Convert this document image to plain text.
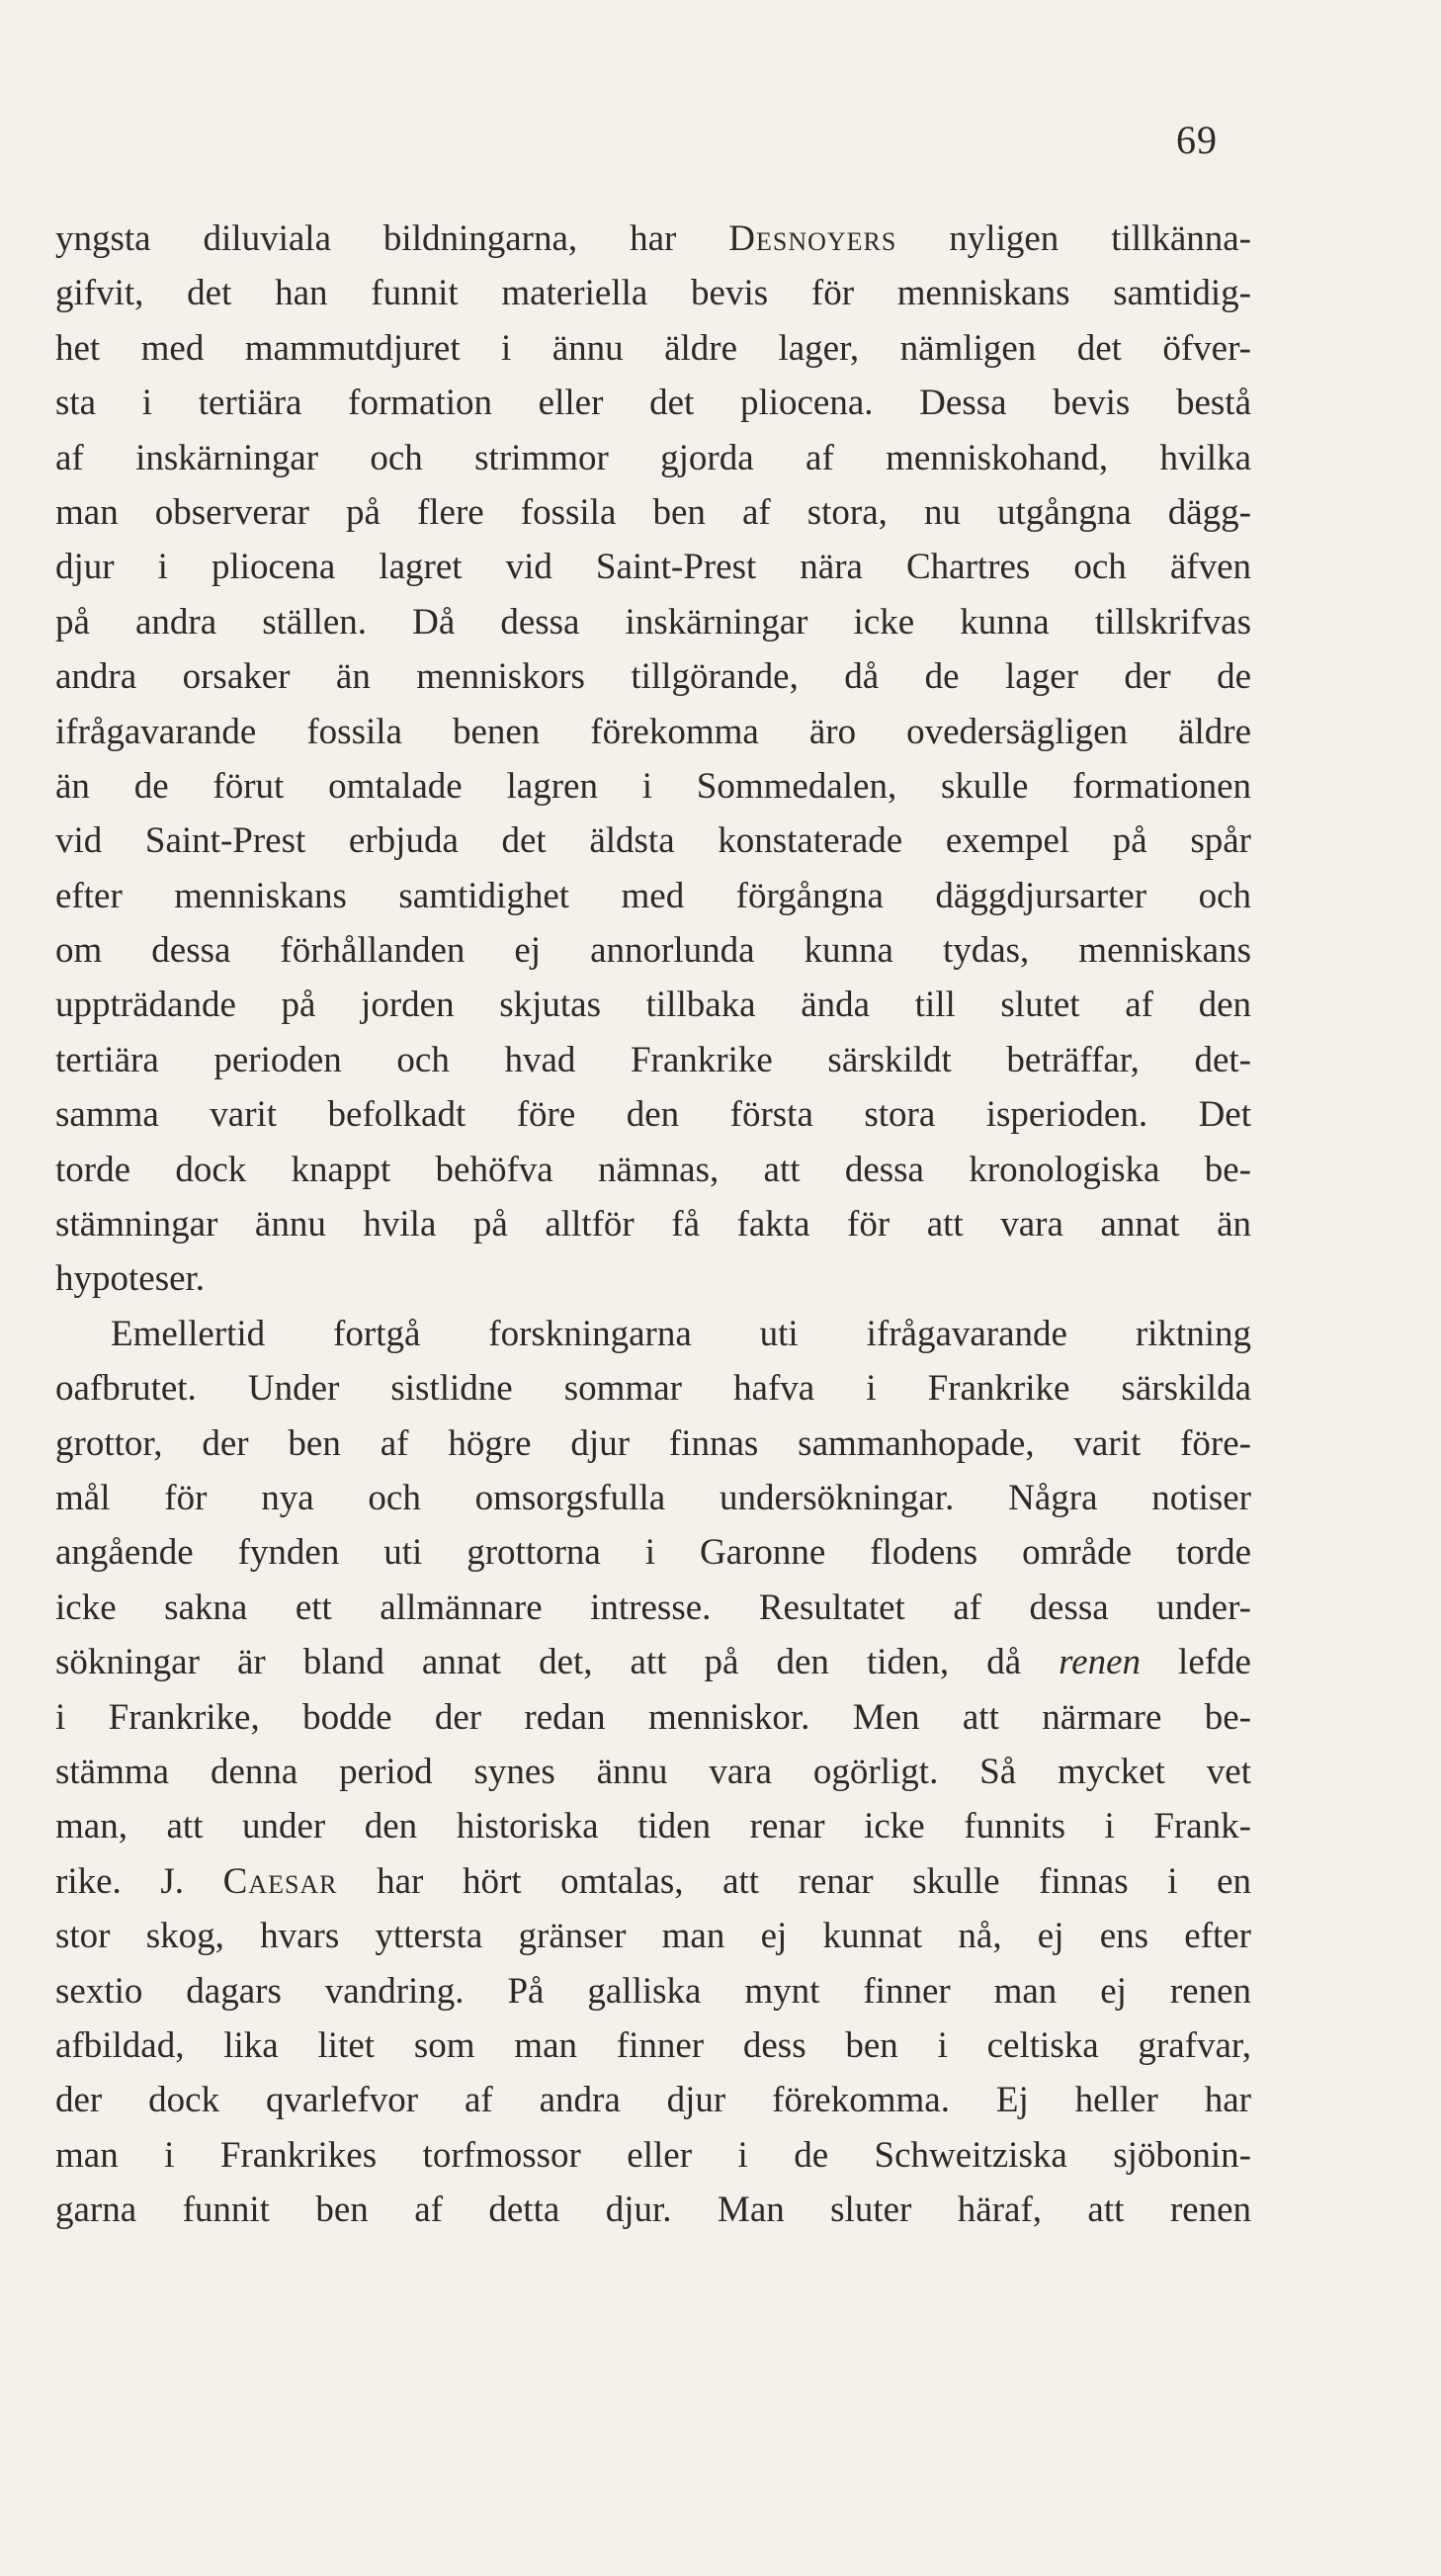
69
yngsta diluviala bildningarna, har Desnoyers nyligen tillkänna-
gifvit, det han funnit materiella bevis för menniskans samtidig-
het med mammutdjuret i ännu äldre lager, nämligen det öfver-
sta i tertiära formation eller det pliocena. Dessa bevis bestå
af inskärningar och strimmor gjorda af menniskohand, hvilka
man observerar på flere fossila ben af stora, nu utgångna dägg-
djur i pliocena lagret vid Saint-Prest nära Chartres och äfven
på andra ställen. Då dessa inskärningar icke kunna tillskrifvas
andra orsaker än menniskors tillgörande, då de lager der de
ifrågavarande fossila benen förekomma äro ovedersägligen äldre
än de förut omtalade lagren i Sommedalen, skulle formationen
vid Saint-Prest erbjuda det äldsta konstaterade exempel på spår
efter menniskans samtidighet med förgångna däggdjursarter och
om dessa förhållanden ej annorlunda kunna tydas, menniskans
uppträdande på jorden skjutas tillbaka ända till slutet af den
tertiära perioden och hvad Frankrike särskildt beträffar, det-
samma varit befolkadt före den första stora isperioden. Det
torde dock knappt behöfva nämnas, att dessa kronologiska be-
stämningar ännu hvila på alltför få fakta för att vara annat än
hypoteser.
Emellertid fortgå forskningarna uti ifrågavarande riktning
oafbrutet. Under sistlidne sommar hafva i Frankrike särskilda
grottor, der ben af högre djur finnas sammanhopade, varit före-
mål för nya och omsorgsfulla undersökningar. Några notiser
angående fynden uti grottorna i Garonne flodens område torde
icke sakna ett allmännare intresse. Resultatet af dessa under-
sökningar är bland annat det, att på den tiden, då renen lefde
i Frankrike, bodde der redan menniskor. Men att närmare be-
stämma denna period synes ännu vara ogörligt. Så mycket vet
man, att under den historiska tiden renar icke funnits i Frank-
rike. J. Caesar har hört omtalas, att renar skulle finnas i en
stor skog, hvars yttersta gränser man ej kunnat nå, ej ens efter
sextio dagars vandring. På galliska mynt finner man ej renen
afbildad, lika litet som man finner dess ben i celtiska grafvar,
der dock qvarlefvor af andra djur förekomma. Ej heller har
man i Frankrikes torfmossor eller i de Schweitziska sjöbonin-
garna funnit ben af detta djur. Man sluter häraf, att renen
